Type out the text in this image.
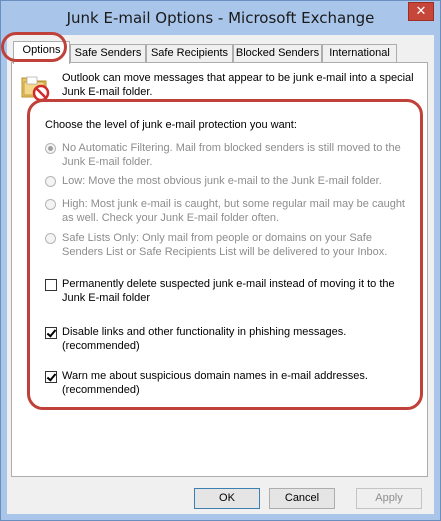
Junk E-mail Options - Microsoft Exchange	✕
Options	Safe Senders Safe Recipients Blocked Senders International
Outlook can move messages that appear to be junk e-mail into a special Junk E-mail folder.
Choose the level of junk e-mail protection you want:
No Automatic Filtering. Mail from blocked senders is still moved to the
Junk E-mail folder.
Low: Move the most obvious junk e-mail to the Junk E-mail folder.
High: Most junk e-mail is caught, but some regular mail may be caught
as well. Check your Junk E-mail folder often.
Safe Lists Only: Only mail from people or domains on your Safe
Senders List or Safe Recipients List will be delivered to your Inbox.
Permanently delete suspected junk e-mail instead of moving it to the
Junk E-mail folder
Disable links and other functionality in phishing messages.
(recommended)
Warn me about suspicious domain names in e-mail addresses.
(recommended)
OK	Cancel	Apply
